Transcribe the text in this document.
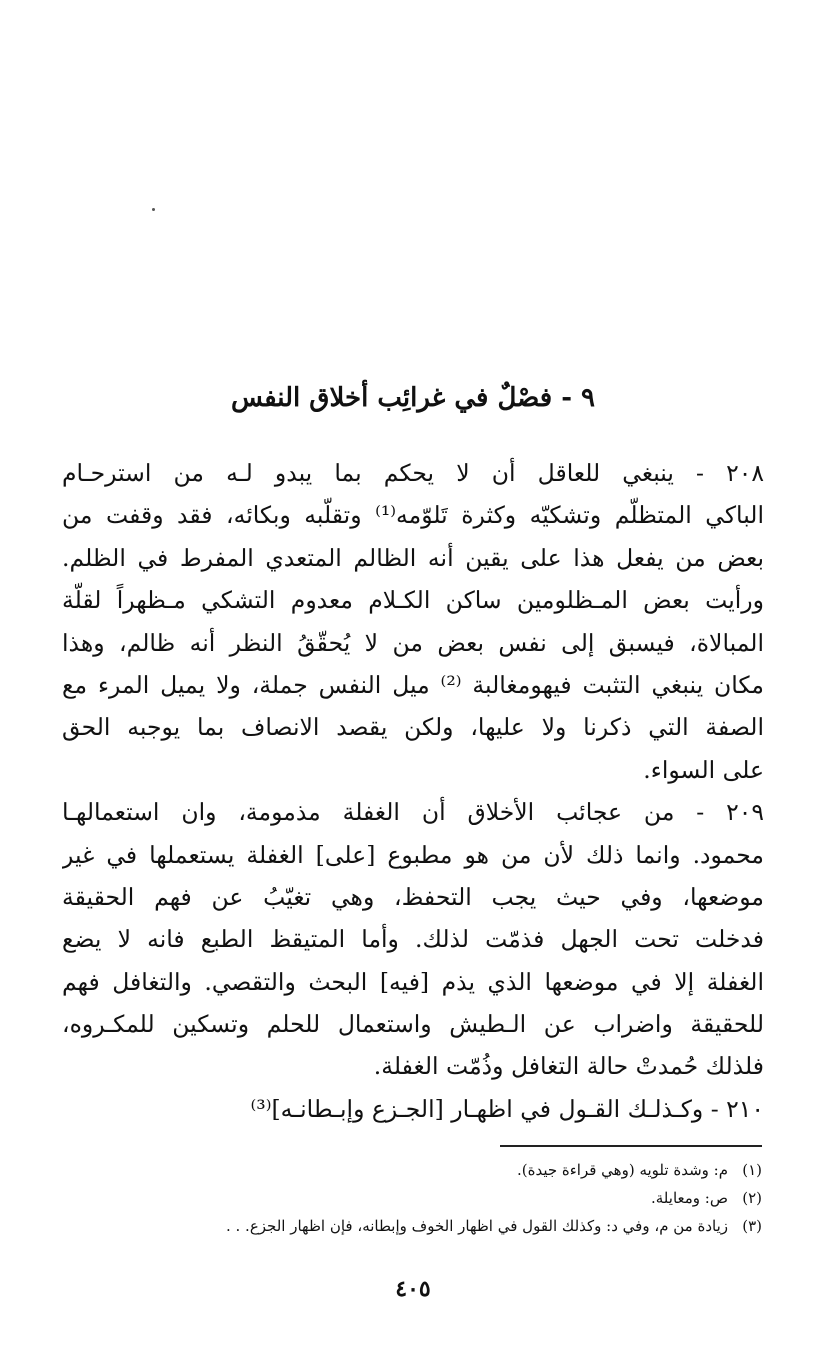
٩ - فصْلٌ في غرائِب أخلاق النفس
٢٠٨ - ينبغي للعاقل أن لا يحكم بما يبدو لـه من استرحـام
الباكي المتظلّم وتشكيّه وكثرة تَلوّمه⁽¹⁾ وتقلّبه وبكائه، فقد وقفت من
بعض من يفعل هذا على يقين أنه الظالم المتعدي المفرط في الظلم.
ورأيت بعض المـظلومين ساكن الكـلام معدوم التشكي مـظهراً لقلّة
المبالاة، فيسبق إلى نفس بعض من لا يُحقّقُ النظر أنه ظالم، وهذا
مكان ينبغي التثبت فيهومغالبة ⁽²⁾ ميل النفس جملة، ولا يميل المرء مع
الصفة التي ذكرنا ولا عليها، ولكن يقصد الانصاف بما يوجبه الحق
على السواء.
٢٠٩ - من عجائب الأخلاق أن الغفلة مذمومة، وان استعمالهـا
محمود. وانما ذلك لأن من هو مطبوع [على] الغفلة يستعملها في غير
موضعها، وفي حيث يجب التحفظ، وهي تغيّبُ عن فهم الحقيقة
فدخلت تحت الجهل فذمّت لذلك. وأما المتيقظ الطبع فانه لا يضع
الغفلة إلا في موضعها الذي يذم [فيه] البحث والتقصي. والتغافل فهم
للحقيقة واضراب عن الـطيش واستعمال للحلم وتسكين للمكـروه،
فلذلك حُمدتْ حالة التغافل وذُمّت الغفلة.
٢١٠ - وكـذلـك القـول في اظهـار [الجـزع وإبـطانـه]⁽³⁾
(١)
م: وشدة تلويه (وهي قراءة جيدة).
(٢)
ص: ومعايلة.
(٣)
زيادة من م، وفي د: وكذلك القول في اظهار الخوف وإبطانه، فإن اظهار الجزع. . .
٤٠٥
